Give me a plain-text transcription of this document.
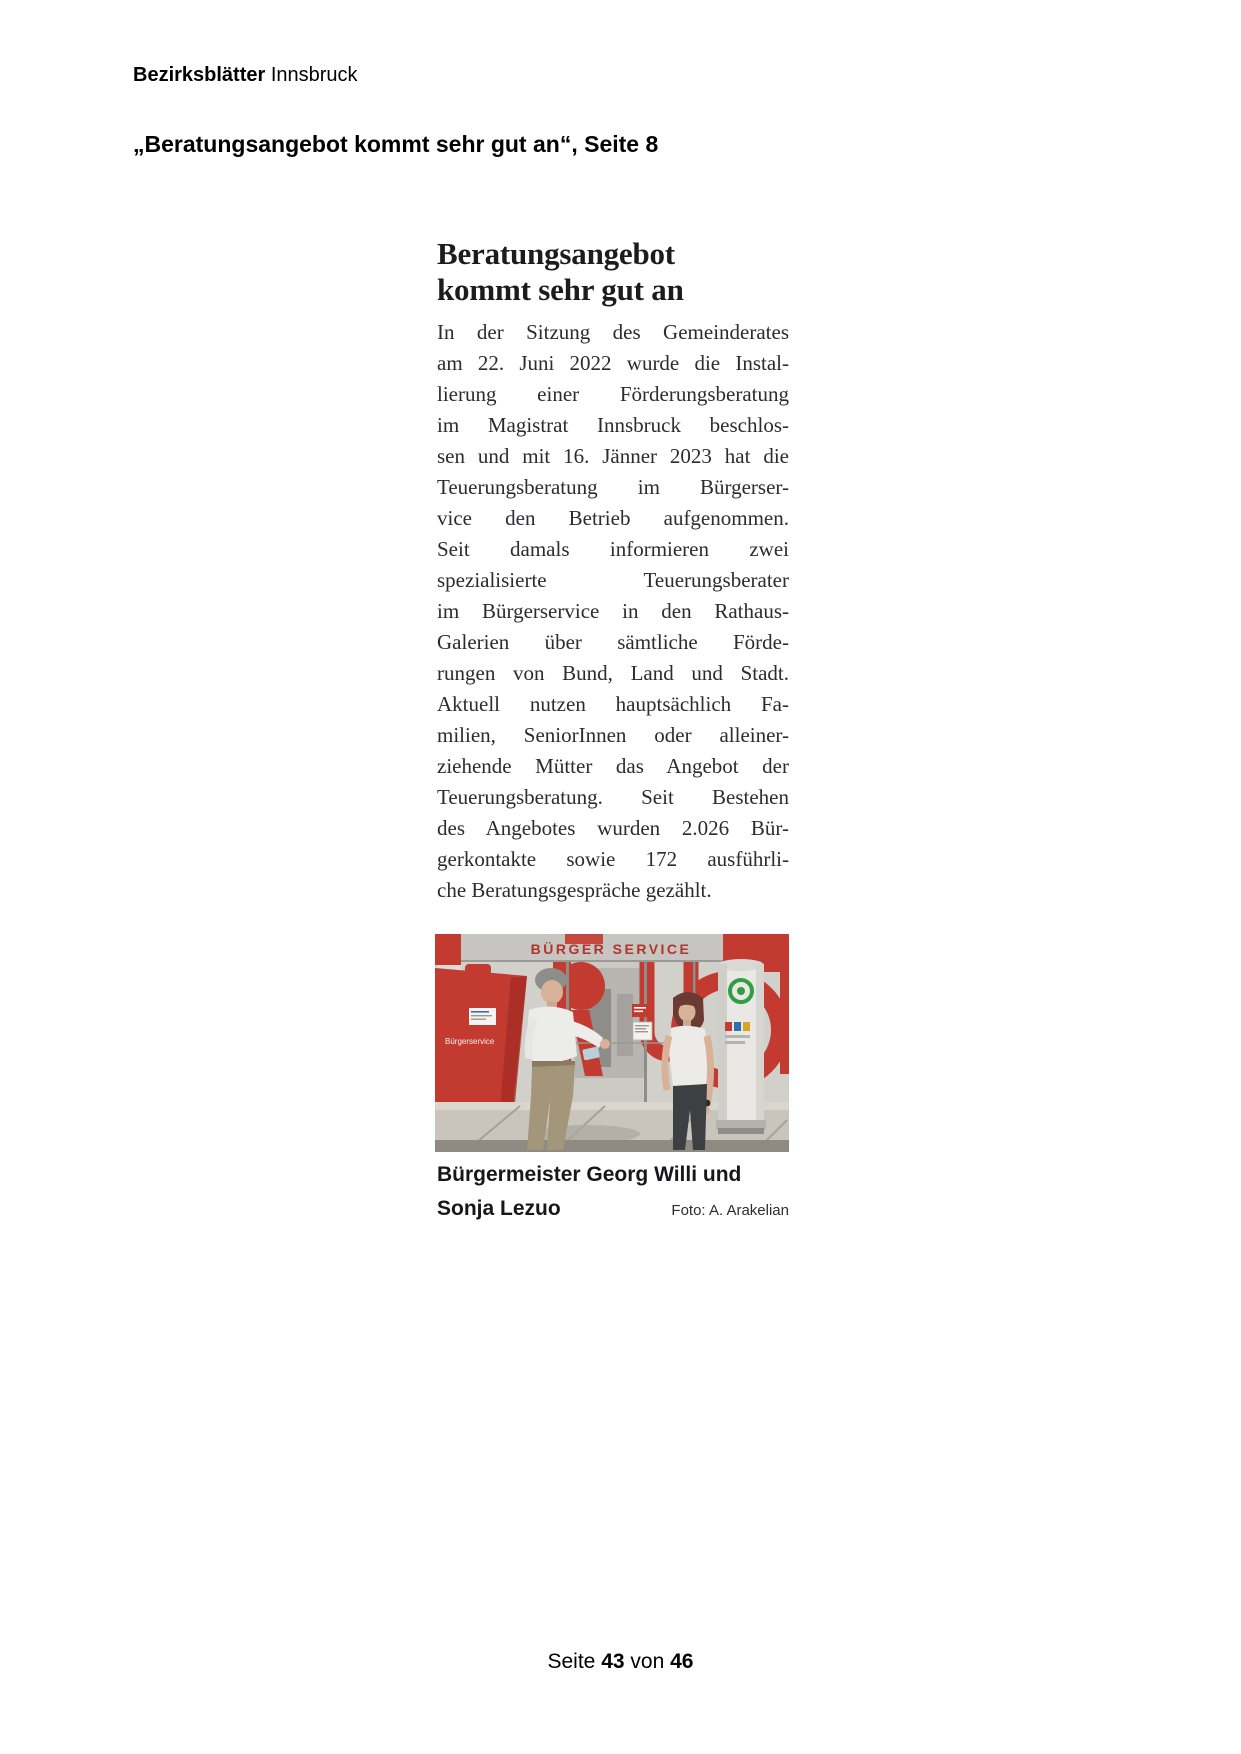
Bezirksblätter Innsbruck
„Beratungsangebot kommt sehr gut an“, Seite 8
Beratungsangebot
kommt sehr gut an
In der Sitzung des Gemeinderates
am 22. Juni 2022 wurde die Instal-
lierung einer Förderungsberatung
im Magistrat Innsbruck beschlos-
sen und mit 16. Jänner 2023 hat die
Teuerungsberatung im Bürgerser-
vice den Betrieb aufgenommen.
Seit damals informieren zwei
spezialisierte Teuerungsberater
im Bürgerservice in den Rathaus-
Galerien über sämtliche Förde-
rungen von Bund, Land und Stadt.
Aktuell nutzen hauptsächlich Fa-
milien, SeniorInnen oder alleiner-
ziehende Mütter das Angebot der
Teuerungsberatung. Seit Bestehen
des Angebotes wurden 2.026 Bür-
gerkontakte sowie 172 ausführli-
che Beratungsgespräche gezählt.
BÜRGER SERVICE
Bürgerservice
Bürgermeister Georg Willi und
Sonja Lezuo	Foto: A. Arakelian
Seite 43 von 46
